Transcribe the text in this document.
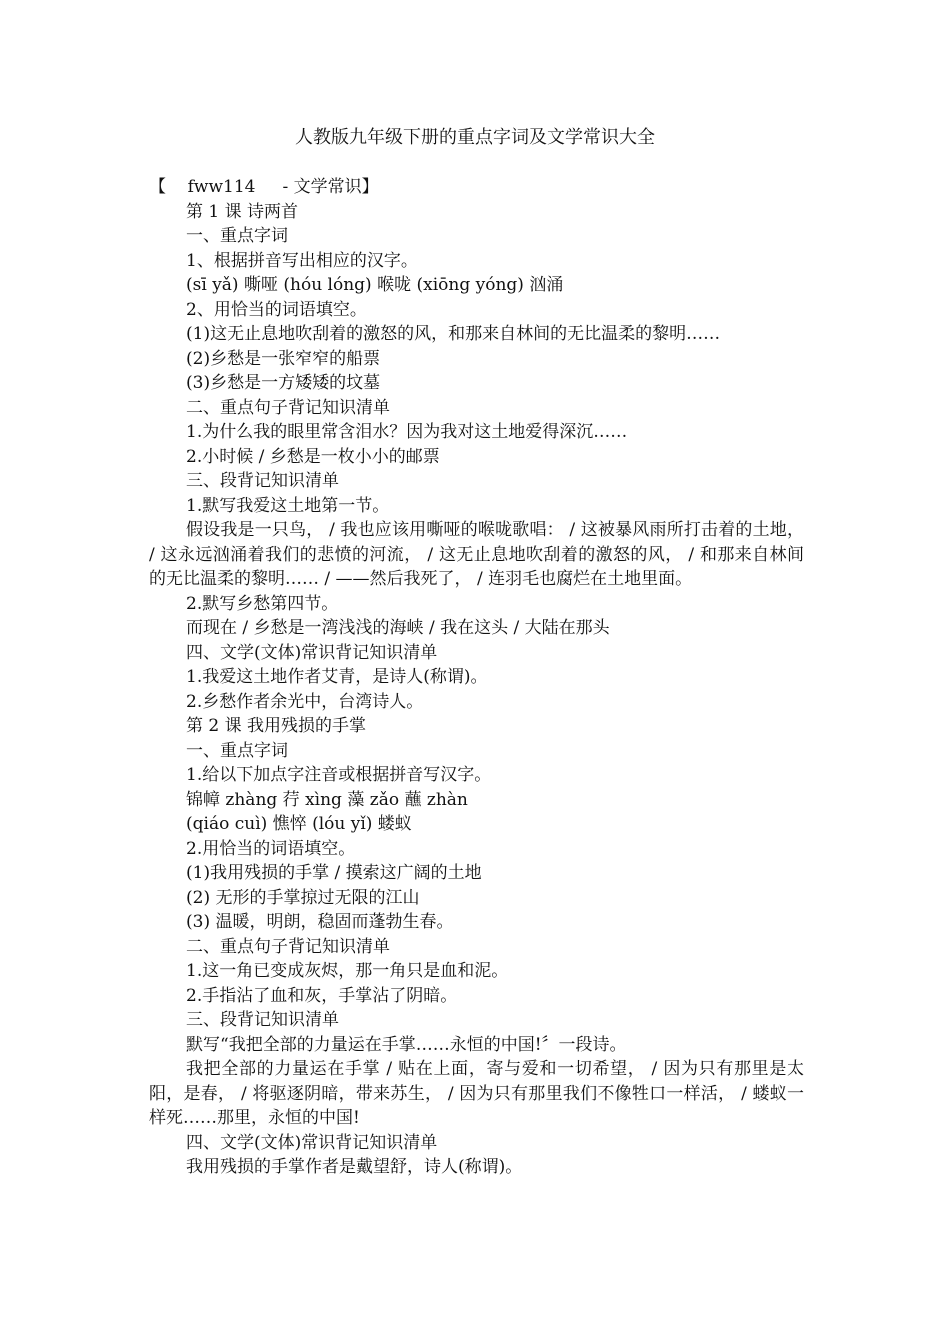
人教版九年级下册的重点字词及文学常识大全
【    fww114     - 文学常识】
第 1 课 诗两首
一、重点字词
1、根据拼音写出相应的汉字。
(sī yǎ) 嘶哑 (hóu lóng) 喉咙 (xiōng yóng) 汹涌
2、用恰当的词语填空。
(1)这无止息地吹刮着的激怒的风，和那来自林间的无比温柔的黎明……
(2)乡愁是一张窄窄的船票
(3)乡愁是一方矮矮的坟墓
二、重点句子背记知识清单
1.为什么我的眼里常含泪水？因为我对这土地爱得深沉……
2.小时候 / 乡愁是一枚小小的邮票
三、段背记知识清单
1.默写我爱这土地第一节。
假设我是一只鸟， / 我也应该用嘶哑的喉咙歌唱： / 这被暴风雨所打击着的土地， / 这永远汹涌着我们的悲愤的河流， / 这无止息地吹刮着的激怒的风， / 和那来自林间的无比温柔的黎明…… / ——然后我死了， / 连羽毛也腐烂在土地里面。
2.默写乡愁第四节。
而现在 / 乡愁是一湾浅浅的海峡 / 我在这头 / 大陆在那头
四、文学(文体)常识背记知识清单
1.我爱这土地作者艾青，是诗人(称谓)。
2.乡愁作者余光中，台湾诗人。
第 2 课 我用残损的手掌
一、重点字词
1.给以下加点字注音或根据拼音写汉字。
锦幛 zhàng 荇 xìng 藻 zǎo 蘸 zhàn
(qiáo cuì) 憔悴 (lóu yǐ) 蝼蚁
2.用恰当的词语填空。
(1)我用残损的手掌 / 摸索这广阔的土地
(2) 无形的手掌掠过无限的江山
(3) 温暖，明朗，稳固而蓬勃生春。
二、重点句子背记知识清单
1.这一角已变成灰烬，那一角只是血和泥。
2.手指沾了血和灰，手掌沾了阴暗。
三、段背记知识清单
默写“我把全部的力量运在手掌……永恒的中国!〞一段诗。
我把全部的力量运在手掌 / 贴在上面，寄与爱和一切希望， / 因为只有那里是太阳，是春， / 将驱逐阴暗，带来苏生， / 因为只有那里我们不像牲口一样活， / 蝼蚁一样死……那里，永恒的中国!
四、文学(文体)常识背记知识清单
我用残损的手掌作者是戴望舒，诗人(称谓)。
